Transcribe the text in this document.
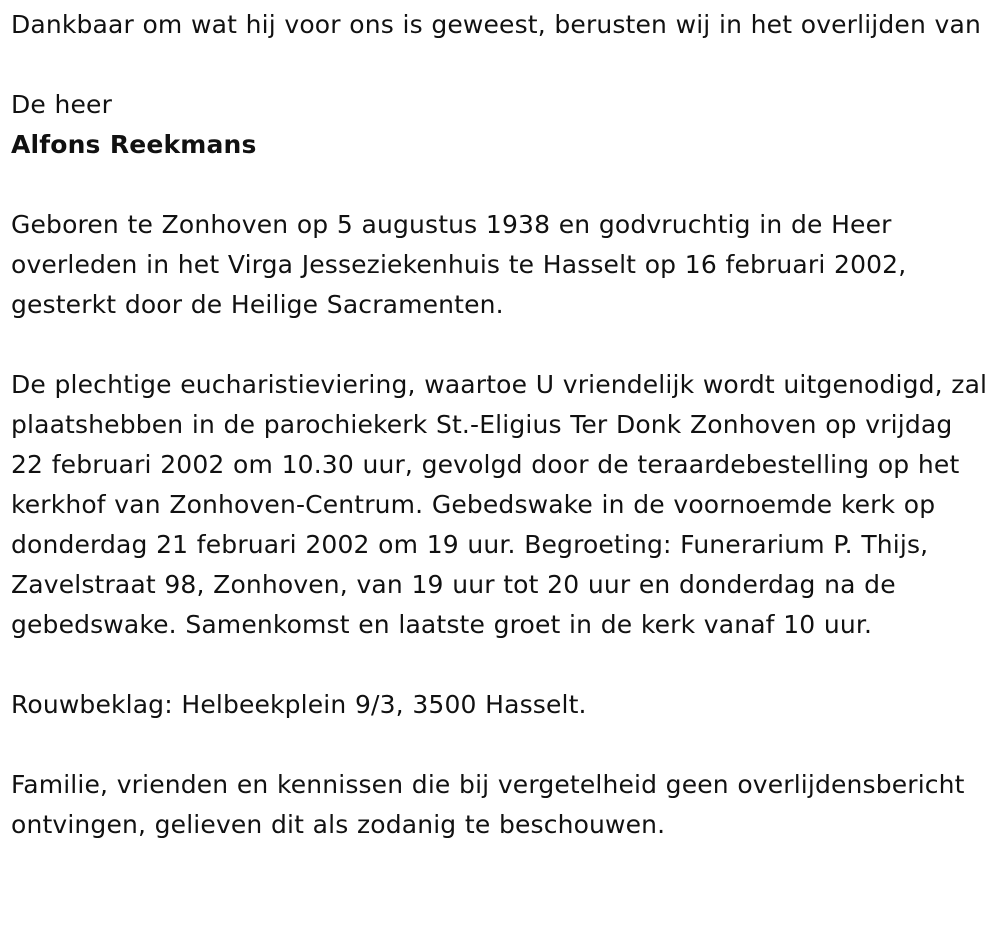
Dankbaar om wat hij voor ons is geweest, berusten wij in het overlijden van

De heer

Alfons Reekmans

Geboren te Zonhoven op 5 augustus 1938 en godvruchtig in de Heer overleden in het Virga Jesseziekenhuis te Hasselt op 16 februari 2002, gesterkt door de Heilige Sacramenten.

De plechtige eucharistieviering, waartoe U vriendelijk wordt uitgenodigd, zal plaatshebben in de parochiekerk St.-Eligius Ter Donk Zonhoven op vrijdag 22 februari 2002 om 10.30 uur, gevolgd door de teraardebestelling op het kerkhof van Zonhoven-Centrum. Gebedswake in de voornoemde kerk op donderdag 21 februari 2002 om 19 uur. Begroeting: Funerarium P. Thijs, Zavelstraat 98, Zonhoven, van 19 uur tot 20 uur en donderdag na de gebedswake. Samenkomst en laatste groet in de kerk vanaf 10 uur.

Rouwbeklag: Helbeekplein 9/3, 3500 Hasselt.

Familie, vrienden en kennissen die bij vergetelheid geen overlijdensbericht ontvingen, gelieven dit als zodanig te beschouwen.
